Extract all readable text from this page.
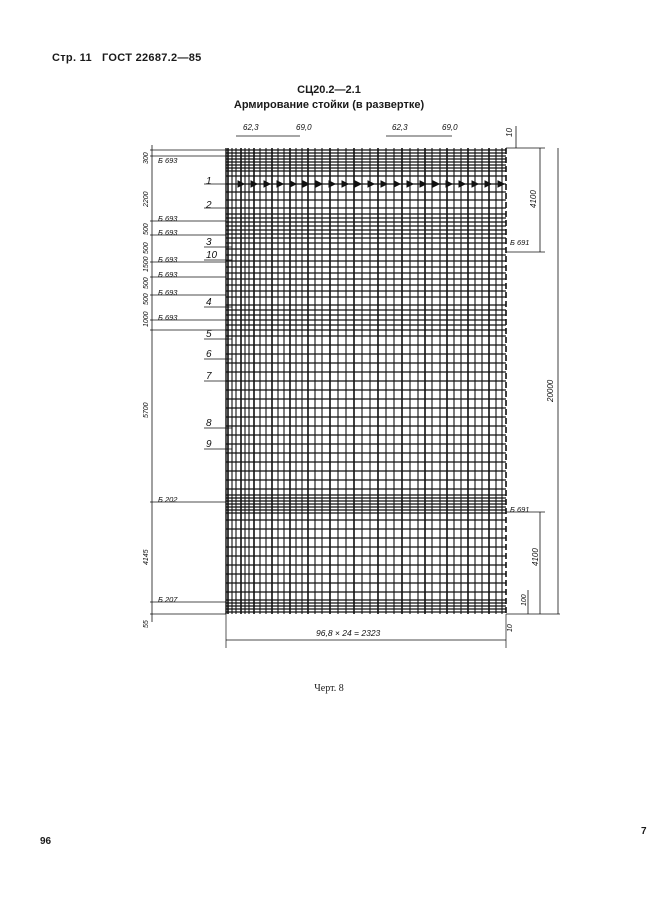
Стр. 11 ГОСТ 22687.2—85
СЦ20.2—2.1
Армирование стойки (в развертке)
62,3	69,0	62,3	69,0
10
300
2200
500
500
1500
500
500
1000
5700
4145
55
Б 693
Б 693
Б 693
Б 693
Б 693
Б 693
Б 693
Б 202
Б 207
Б 691
Б 691
4100
20000
4100
100
1
2
3
10
4
5
6
7
8
9
96,8 × 24 = 2323	10
Черт. 8
96
7
